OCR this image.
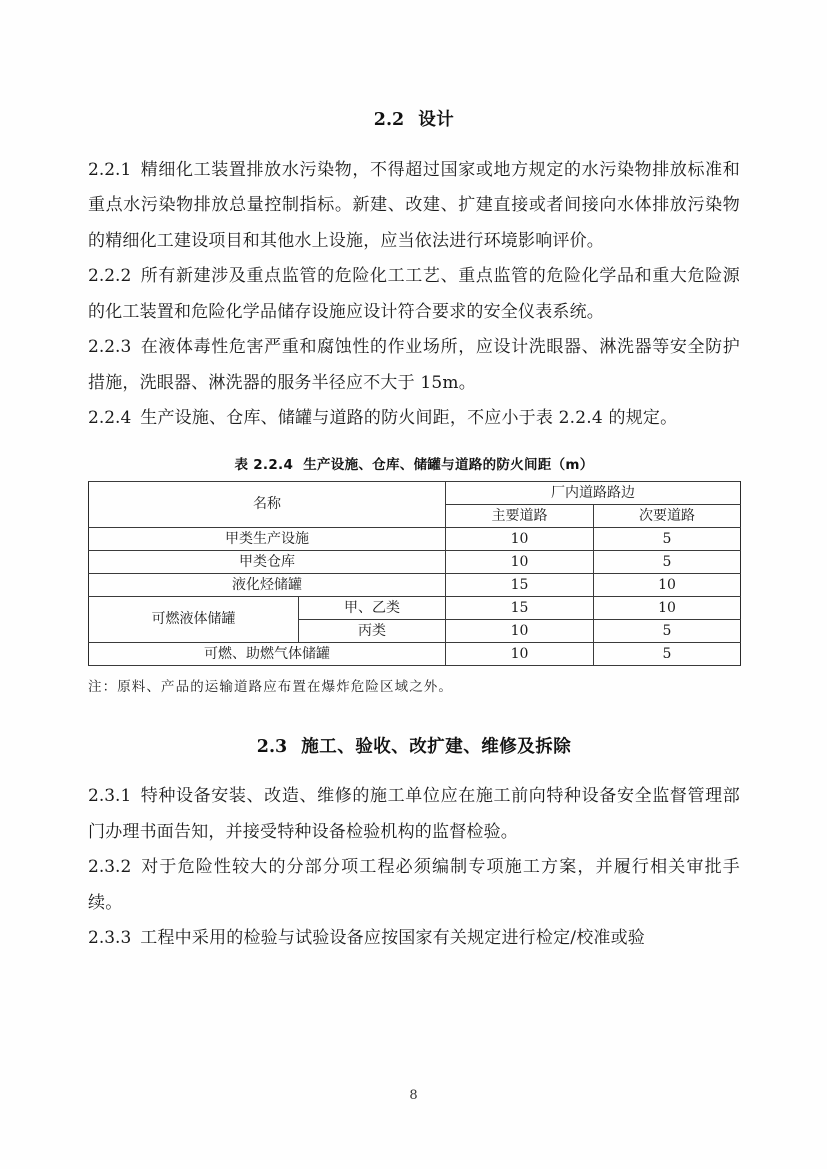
2.2 设计

2.2.1 精细化工装置排放水污染物，不得超过国家或地方规定的水污染物排放标准和重点水污染物排放总量控制指标。新建、改建、扩建直接或者间接向水体排放污染物的精细化工建设项目和其他水上设施，应当依法进行环境影响评价。

2.2.2 所有新建涉及重点监管的危险化工工艺、重点监管的危险化学品和重大危险源的化工装置和危险化学品储存设施应设计符合要求的安全仪表系统。

2.2.3 在液体毒性危害严重和腐蚀性的作业场所，应设计洗眼器、淋洗器等安全防护措施，洗眼器、淋洗器的服务半径应不大于 15m。

2.2.4 生产设施、仓库、储罐与道路的防火间距，不应小于表 2.2.4 的规定。

表 2.2.4 生产设施、仓库、储罐与道路的防火间距（m）
名称		厂内道路路边	
		主要道路	次要道路
甲类生产设施		10	5
甲类仓库		10	5
液化烃储罐		15	10
可燃液体储罐	甲、乙类	15	10
	丙类	10	5
可燃、助燃气体储罐		10	5
注：原料、产品的运输道路应布置在爆炸危险区域之外。
2.3 施工、验收、改扩建、维修及拆除

2.3.1 特种设备安装、改造、维修的施工单位应在施工前向特种设备安全监督管理部门办理书面告知，并接受特种设备检验机构的监督检验。

2.3.2 对于危险性较大的分部分项工程必须编制专项施工方案，并履行相关审批手续。

2.3.3 工程中采用的检验与试验设备应按国家有关规定进行检定/校准或验

8
